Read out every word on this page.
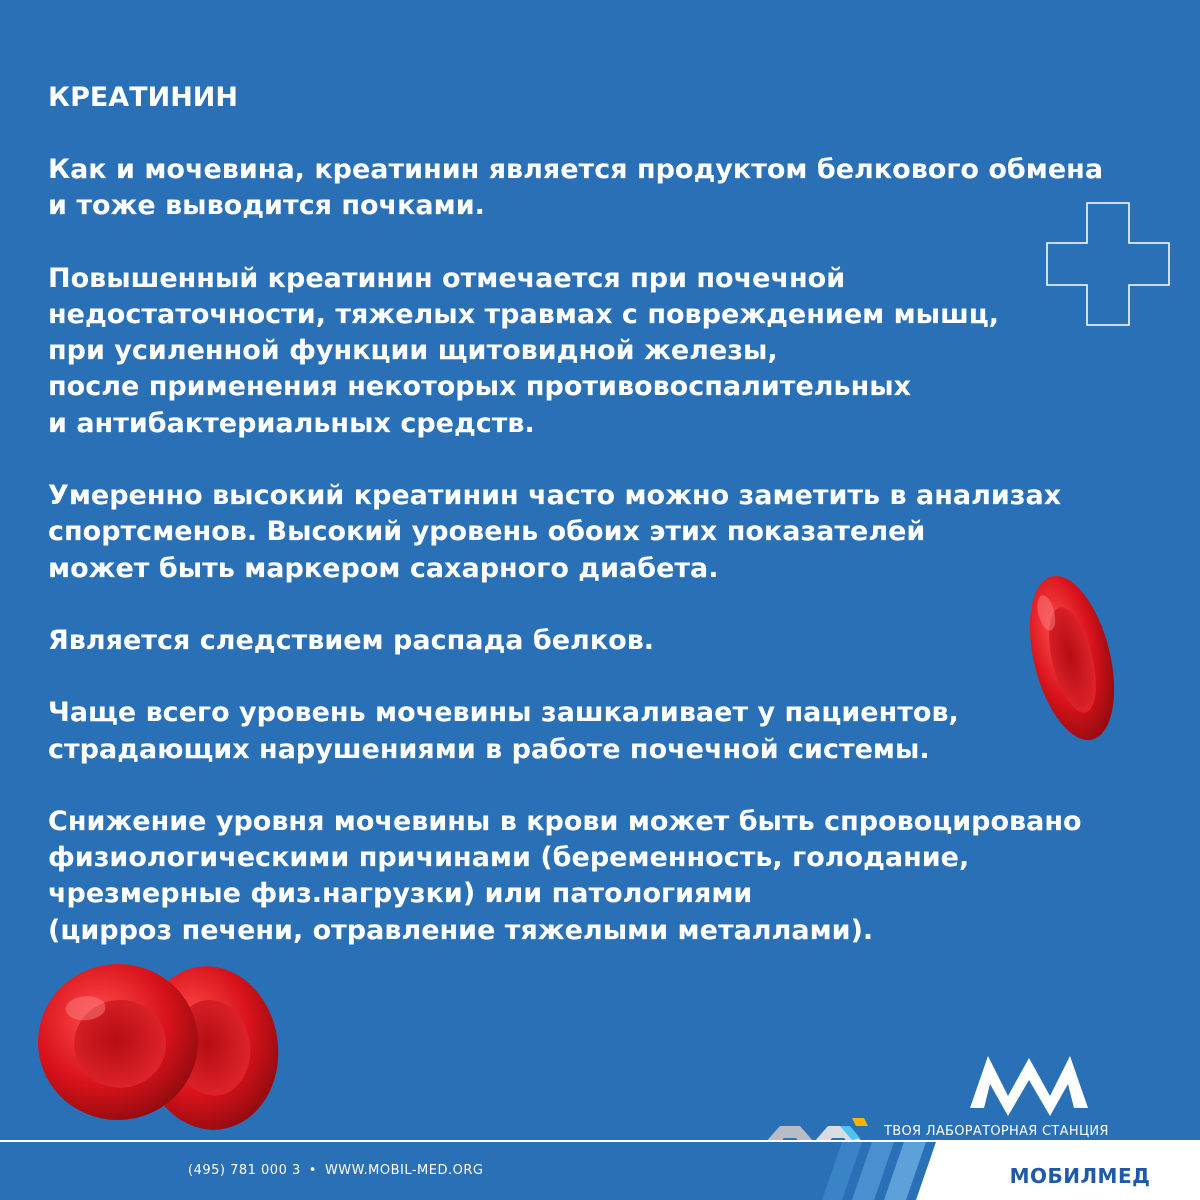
КРЕАТИНИН
Как и мочевина, креатинин является продуктом белкового обмена
и тоже выводится почками.
Повышенный креатинин отмечается при почечной
недостаточности, тяжелых травмах с повреждением мышц,
при усиленной функции щитовидной железы,
после применения некоторых противовоспалительных
и антибактериальных средств.
Умеренно высокий креатинин часто можно заметить в анализах
спортсменов. Высокий уровень обоих этих показателей
может быть маркером сахарного диабета.
Является следствием распада белков.
Чаще всего уровень мочевины зашкаливает у пациентов,
страдающих нарушениями в работе почечной системы.
Снижение уровня мочевины в крови может быть спровоцировано
физиологическими причинами (беременность, голодание,
чрезмерные физ.нагрузки) или патологиями
(цирроз печени, отравление тяжелыми металлами).
ТВОЯ ЛАБОРАТОРНАЯ СТАНЦИЯ
(495) 781 000 3 • WWW.MOBIL-MED.ORG	МОБИЛМЕД
